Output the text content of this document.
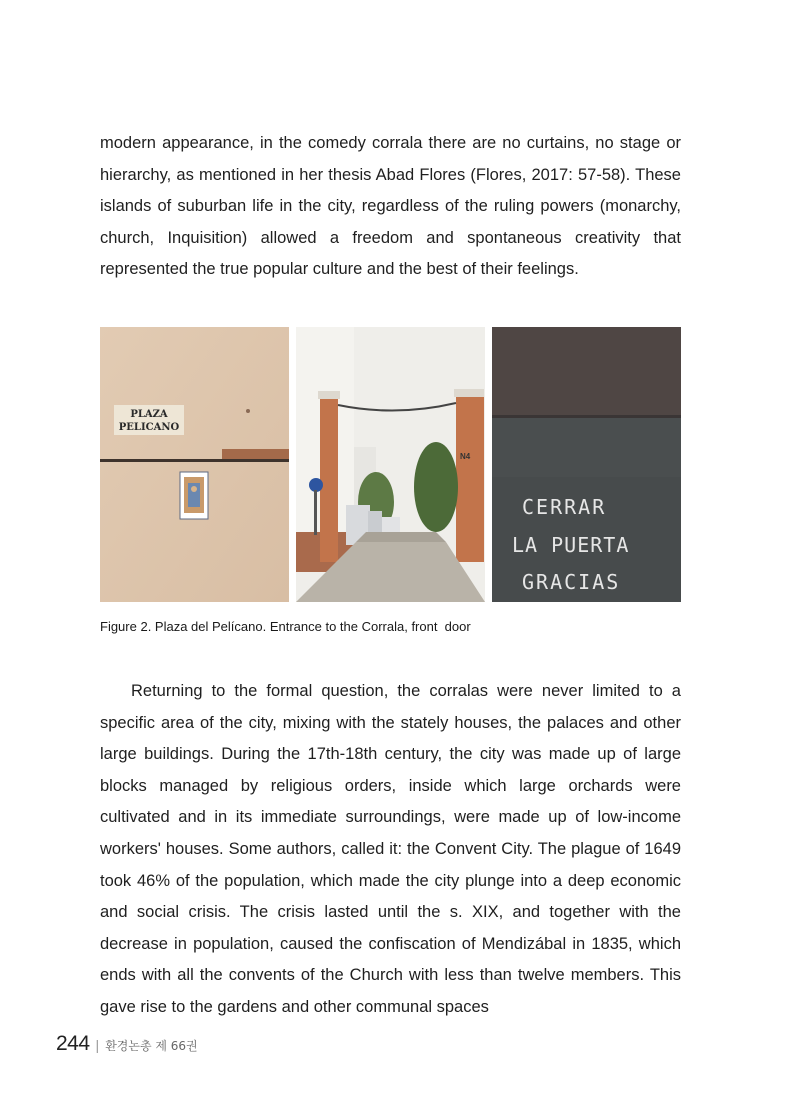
modern appearance, in the comedy corrala there are no curtains, no stage or hierarchy, as mentioned in her thesis Abad Flores (Flores, 2017: 57-58). These islands of suburban life in the city, regardless of the ruling powers (monarchy, church, Inquisition) allowed a freedom and spontaneous creativity that represented the true popular culture and the best of their feelings.

PLAZA
PELICANO
N4
CERRAR
LA PUERTA
GRACIAS
Figure 2. Plaza del Pelícano. Entrance to the Corrala, front  door

Returning to the formal question, the corralas were never limited to a specific area of the city, mixing with the stately houses, the palaces and other large buildings. During the 17th-18th century, the city was made up of large blocks managed by religious orders, inside which large orchards were cultivated and in its immediate surroundings, were made up of low-income workers' houses. Some authors, called it: the Convent City. The plague of 1649 took 46% of the population, which made the city plunge into a deep economic and social crisis. The crisis lasted until the s. XIX, and together with the decrease in population, caused the confiscation of Mendizábal in 1835, which ends with all the convents of the Church with less than twelve members. This gave rise to the gardens and other communal spaces

244 | 환경논총 제 66권
